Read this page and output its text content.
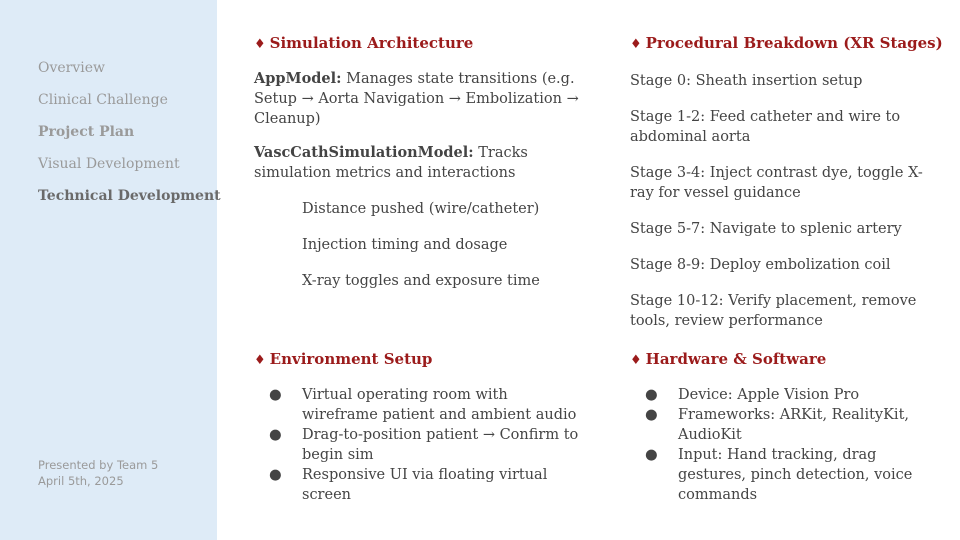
Overview
Clinical Challenge
Project Plan
Visual Development
Technical Development
Presented by Team 5
April 5th, 2025
♦ Simulation Architecture
AppModel: Manages state transitions (e.g. Setup → Aorta Navigation → Embolization → Cleanup)
VascCathSimulationModel: Tracks simulation metrics and interactions
Distance pushed (wire/catheter)
Injection timing and dosage
X-ray toggles and exposure time
♦ Environment Setup
● Virtual operating room with wireframe patient and ambient audio
● Drag-to-position patient → Confirm to begin sim
● Responsive UI via floating virtual screen
♦ Procedural Breakdown (XR Stages)
Stage 0: Sheath insertion setup
Stage 1-2: Feed catheter and wire to abdominal aorta
Stage 3-4: Inject contrast dye, toggle X-ray for vessel guidance
Stage 5-7: Navigate to splenic artery
Stage 8-9: Deploy embolization coil
Stage 10-12: Verify placement, remove tools, review performance
♦ Hardware & Software
● Device: Apple Vision Pro
● Frameworks: ARKit, RealityKit, AudioKit
● Input: Hand tracking, drag gestures, pinch detection, voice commands
